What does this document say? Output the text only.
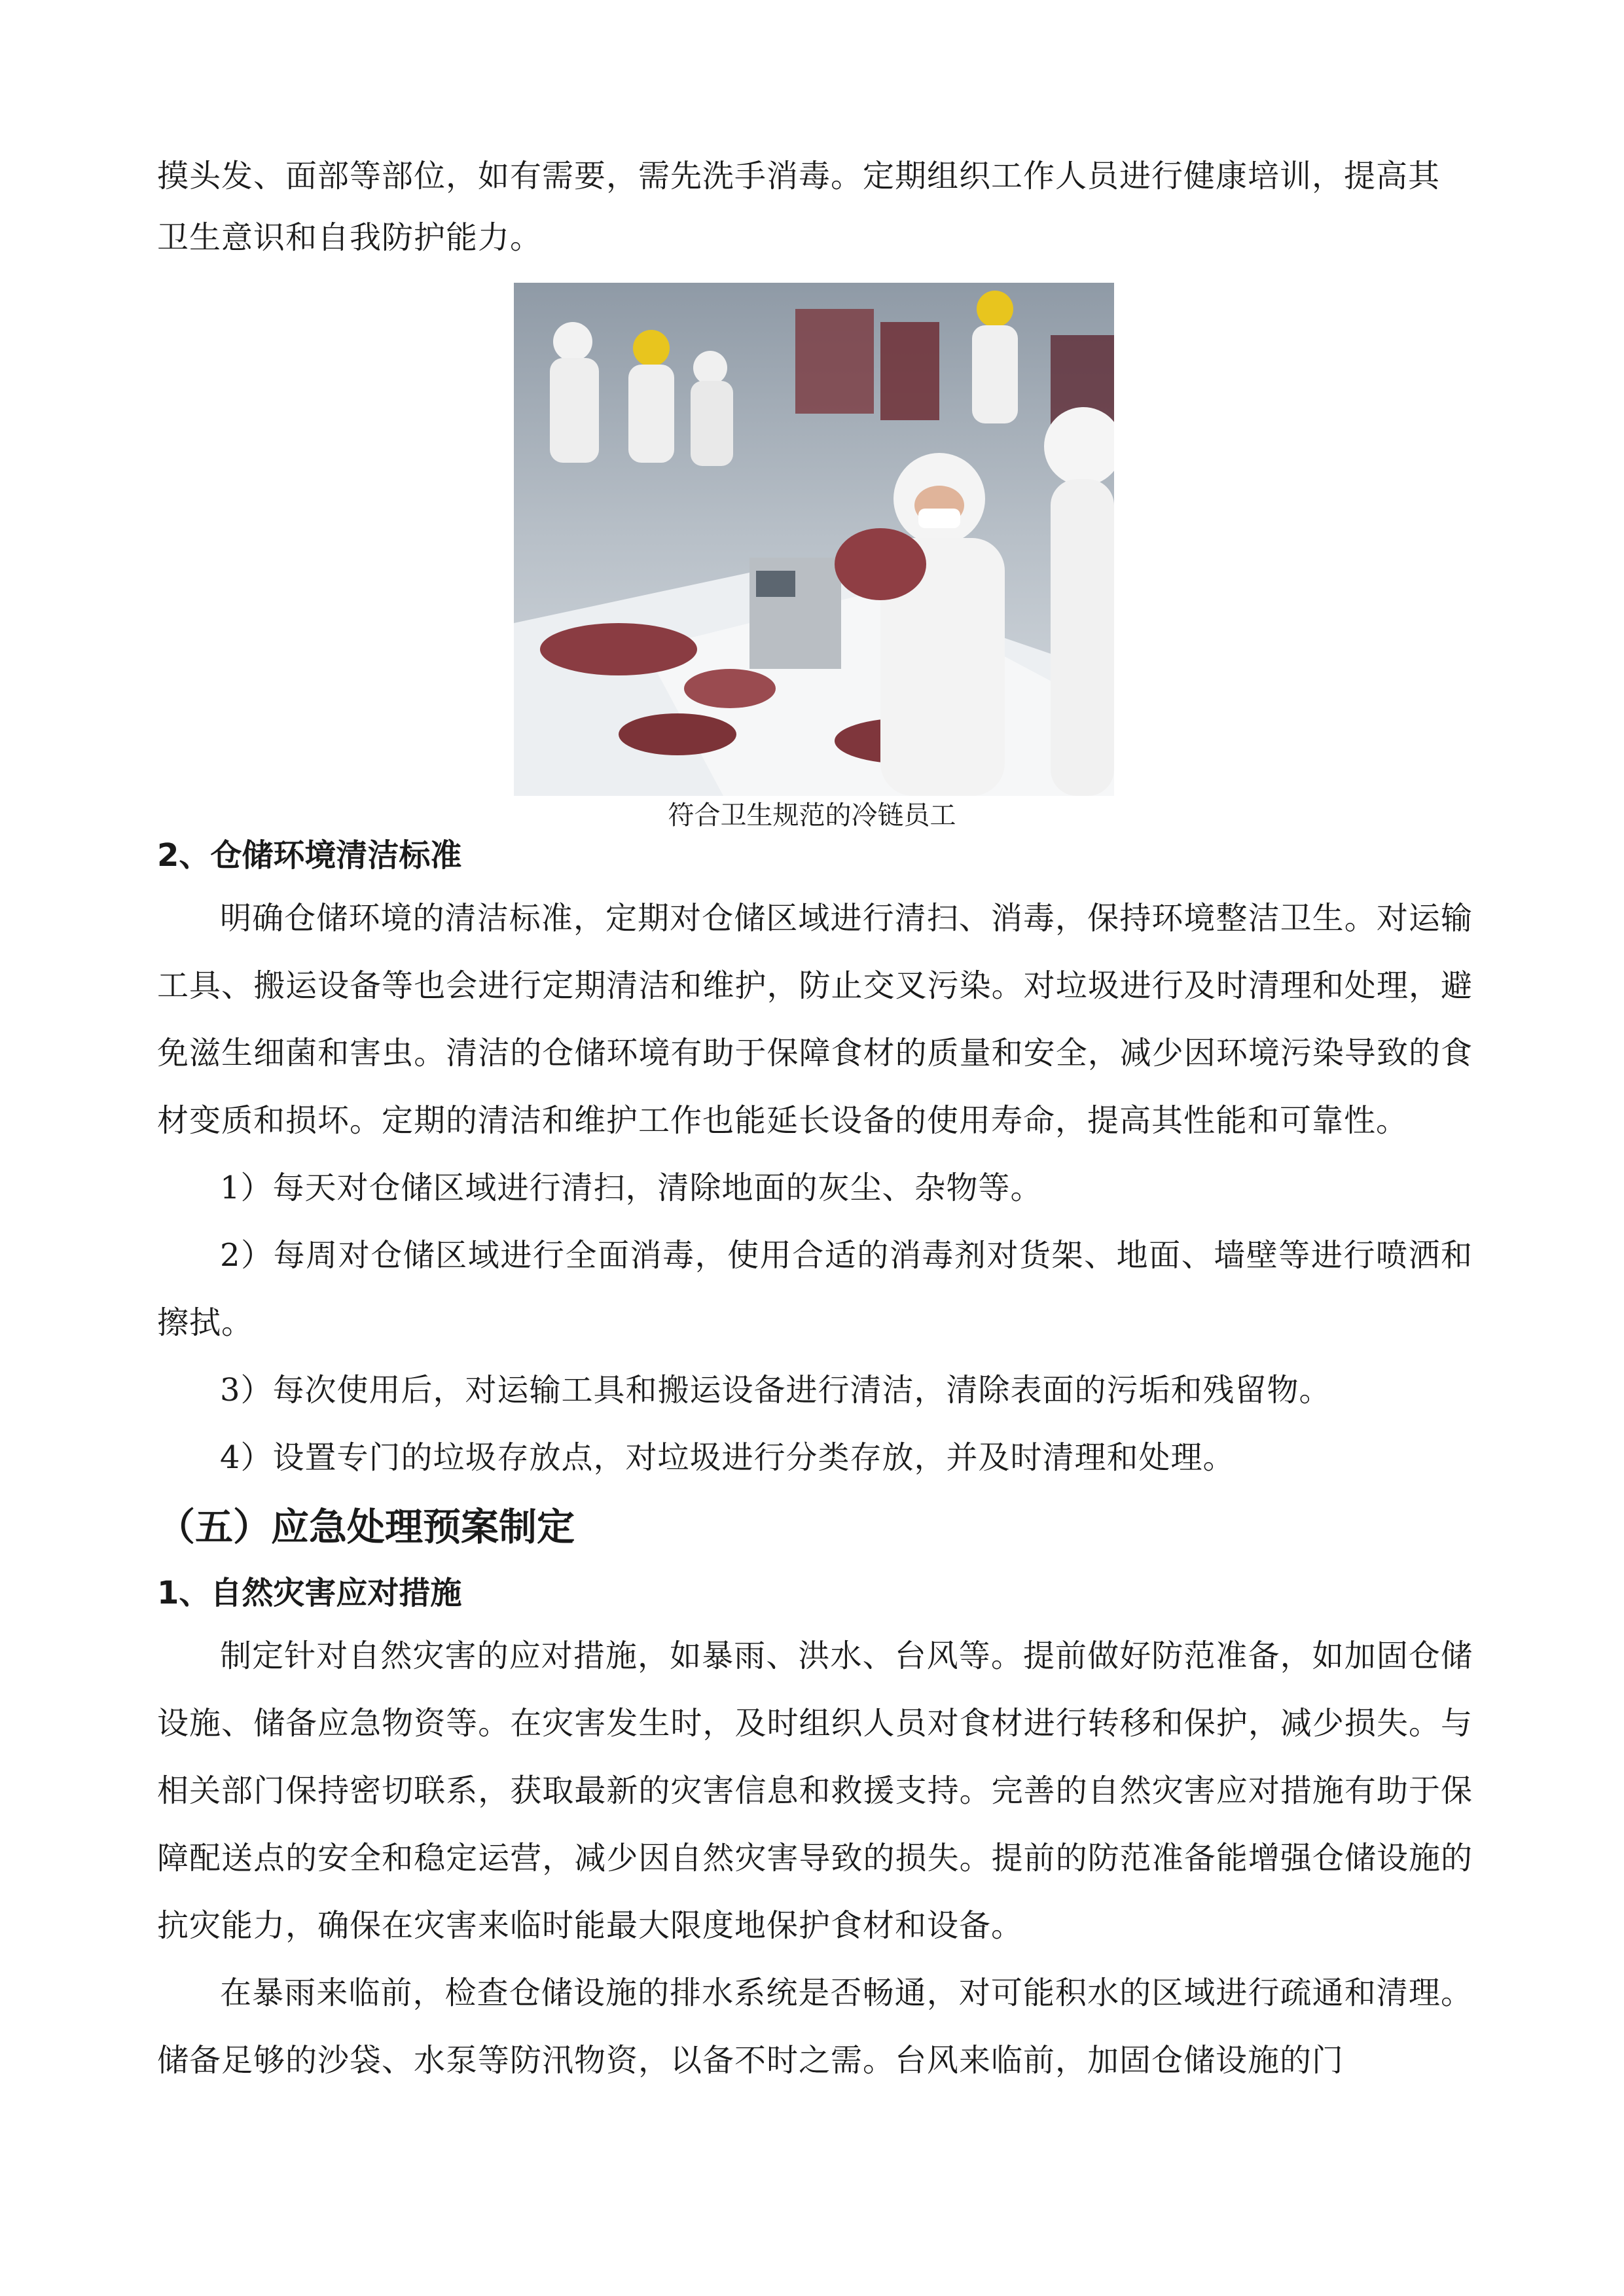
摸头发、面部等部位，如有需要，需先洗手消毒。定期组织工作人员进行健康培训，提高其

卫生意识和自我防护能力。

符合卫生规范的冷链员工

2、仓储环境清洁标准

明确仓储环境的清洁标准，定期对仓储区域进行清扫、消毒，保持环境整洁卫生。对运输工具、搬运设备等也会进行定期清洁和维护，防止交叉污染。对垃圾进行及时清理和处理，避免滋生细菌和害虫。清洁的仓储环境有助于保障食材的质量和安全，减少因环境污染导致的食材变质和损坏。定期的清洁和维护工作也能延长设备的使用寿命，提高其性能和可靠性。

1）每天对仓储区域进行清扫，清除地面的灰尘、杂物等。

2）每周对仓储区域进行全面消毒，使用合适的消毒剂对货架、地面、墙壁等进行喷洒和擦拭。

3）每次使用后，对运输工具和搬运设备进行清洁，清除表面的污垢和残留物。

4）设置专门的垃圾存放点，对垃圾进行分类存放，并及时清理和处理。

（五）应急处理预案制定

1、自然灾害应对措施

制定针对自然灾害的应对措施，如暴雨、洪水、台风等。提前做好防范准备，如加固仓储设施、储备应急物资等。在灾害发生时，及时组织人员对食材进行转移和保护，减少损失。与相关部门保持密切联系，获取最新的灾害信息和救援支持。完善的自然灾害应对措施有助于保障配送点的安全和稳定运营，减少因自然灾害导致的损失。提前的防范准备能增强仓储设施的抗灾能力，确保在灾害来临时能最大限度地保护食材和设备。

在暴雨来临前，检查仓储设施的排水系统是否畅通，对可能积水的区域进行疏通和清理。储备足够的沙袋、水泵等防汛物资，以备不时之需。台风来临前，加固仓储设施的门
